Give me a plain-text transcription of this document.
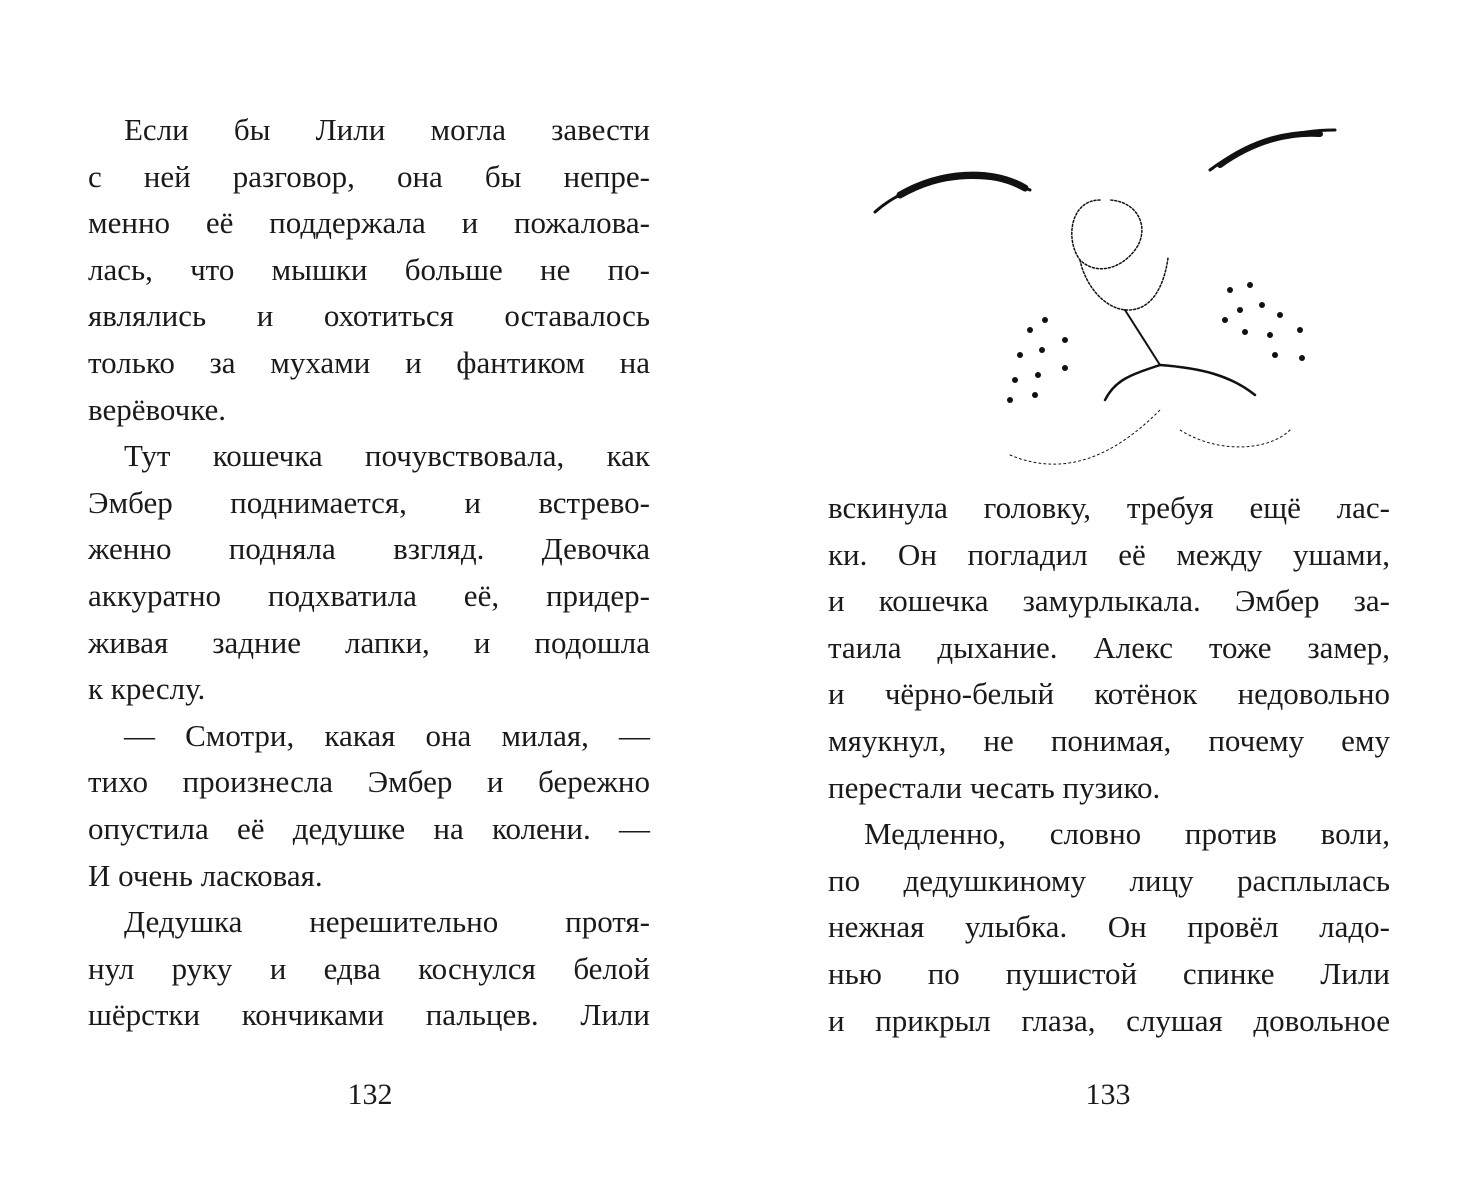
Если бы Лили могла завести
с ней разговор, она бы непре-
менно её поддержала и пожалова-
лась, что мышки больше не по-
являлись и охотиться оставалось
только за мухами и фантиком на
верёвочке.
Тут кошечка почувствовала, как
Эмбер поднимается, и встрево-
женно подняла взгляд. Девочка
аккуратно подхватила её, придер-
живая задние лапки, и подошла
к креслу.
— Смотри, какая она милая, —
тихо произнесла Эмбер и бережно
опустила её дедушке на колени. —
И очень ласковая.
Дедушка нерешительно протя-
нул руку и едва коснулся белой
шёрстки кончиками пальцев. Лили
132
вскинула головку, требуя ещё лас-
ки. Он погладил её между ушами,
и кошечка замурлыкала. Эмбер за-
таила дыхание. Алекс тоже замер,
и чёрно-белый котёнок недовольно
мяукнул, не понимая, почему ему
перестали чесать пузико.
Медленно, словно против воли,
по дедушкиному лицу расплылась
нежная улыбка. Он провёл ладо-
нью по пушистой спинке Лили
и прикрыл глаза, слушая довольное
133
